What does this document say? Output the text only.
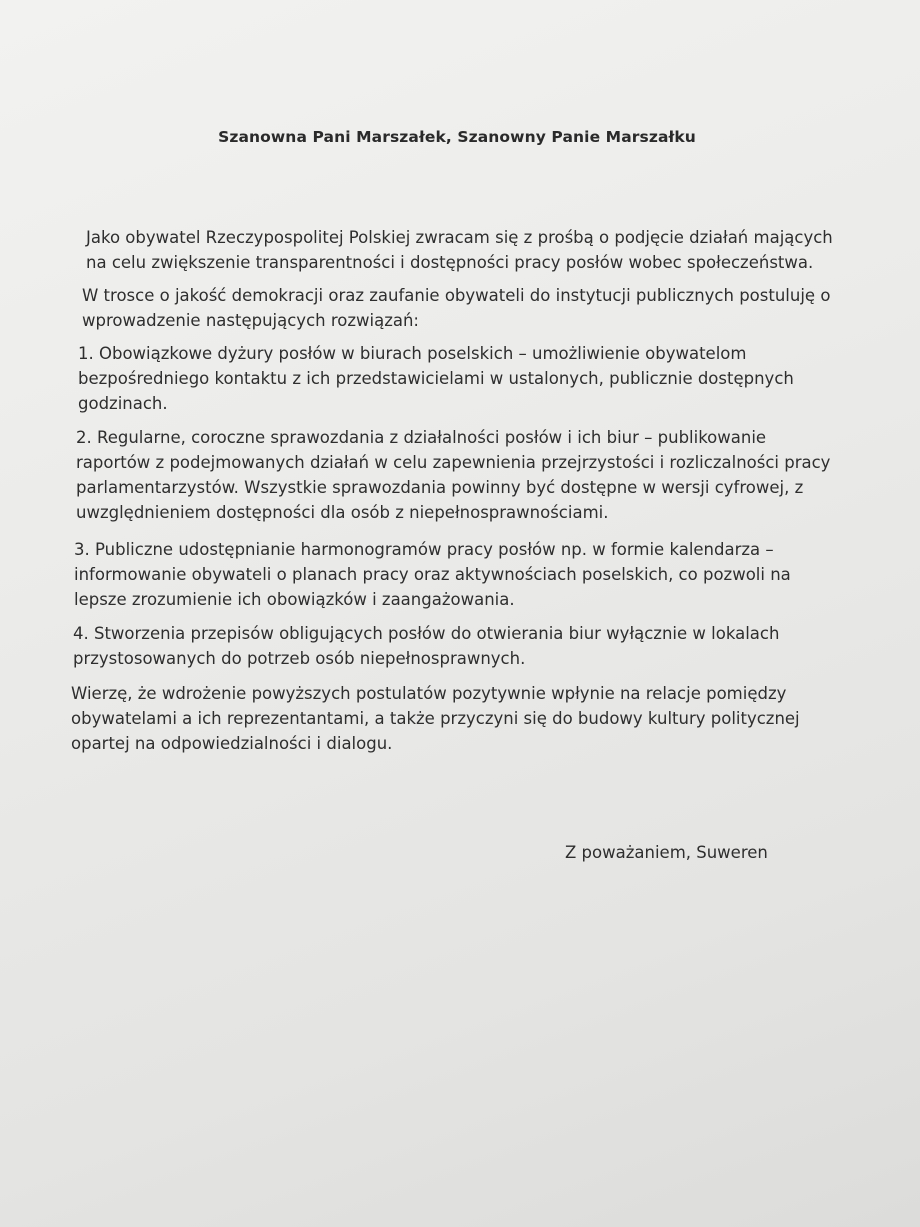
Szanowna Pani Marszałek, Szanowny Panie Marszałku

Jako obywatel Rzeczypospolitej Polskiej zwracam się z prośbą o podjęcie działań mających
na celu zwiększenie transparentności i dostępności pracy posłów wobec społeczeństwa.

W trosce o jakość demokracji oraz zaufanie obywateli do instytucji publicznych postuluję o
wprowadzenie następujących rozwiązań:

1. Obowiązkowe dyżury posłów w biurach poselskich – umożliwienie obywatelom
bezpośredniego kontaktu z ich przedstawicielami w ustalonych, publicznie dostępnych
godzinach.

2. Regularne, coroczne sprawozdania z działalności posłów i ich biur – publikowanie
raportów z podejmowanych działań w celu zapewnienia przejrzystości i rozliczalności pracy
parlamentarzystów. Wszystkie sprawozdania powinny być dostępne w wersji cyfrowej, z
uwzględnieniem dostępności dla osób z niepełnosprawnościami.

3. Publiczne udostępnianie harmonogramów pracy posłów np. w formie kalendarza –
informowanie obywateli o planach pracy oraz aktywnościach poselskich, co pozwoli na
lepsze zrozumienie ich obowiązków i zaangażowania.

4. Stworzenia przepisów obligujących posłów do otwierania biur wyłącznie w lokalach
przystosowanych do potrzeb osób niepełnosprawnych.

Wierzę, że wdrożenie powyższych postulatów pozytywnie wpłynie na relacje pomiędzy
obywatelami a ich reprezentantami, a także przyczyni się do budowy kultury politycznej
opartej na odpowiedzialności i dialogu.

Z poważaniem, Suweren
